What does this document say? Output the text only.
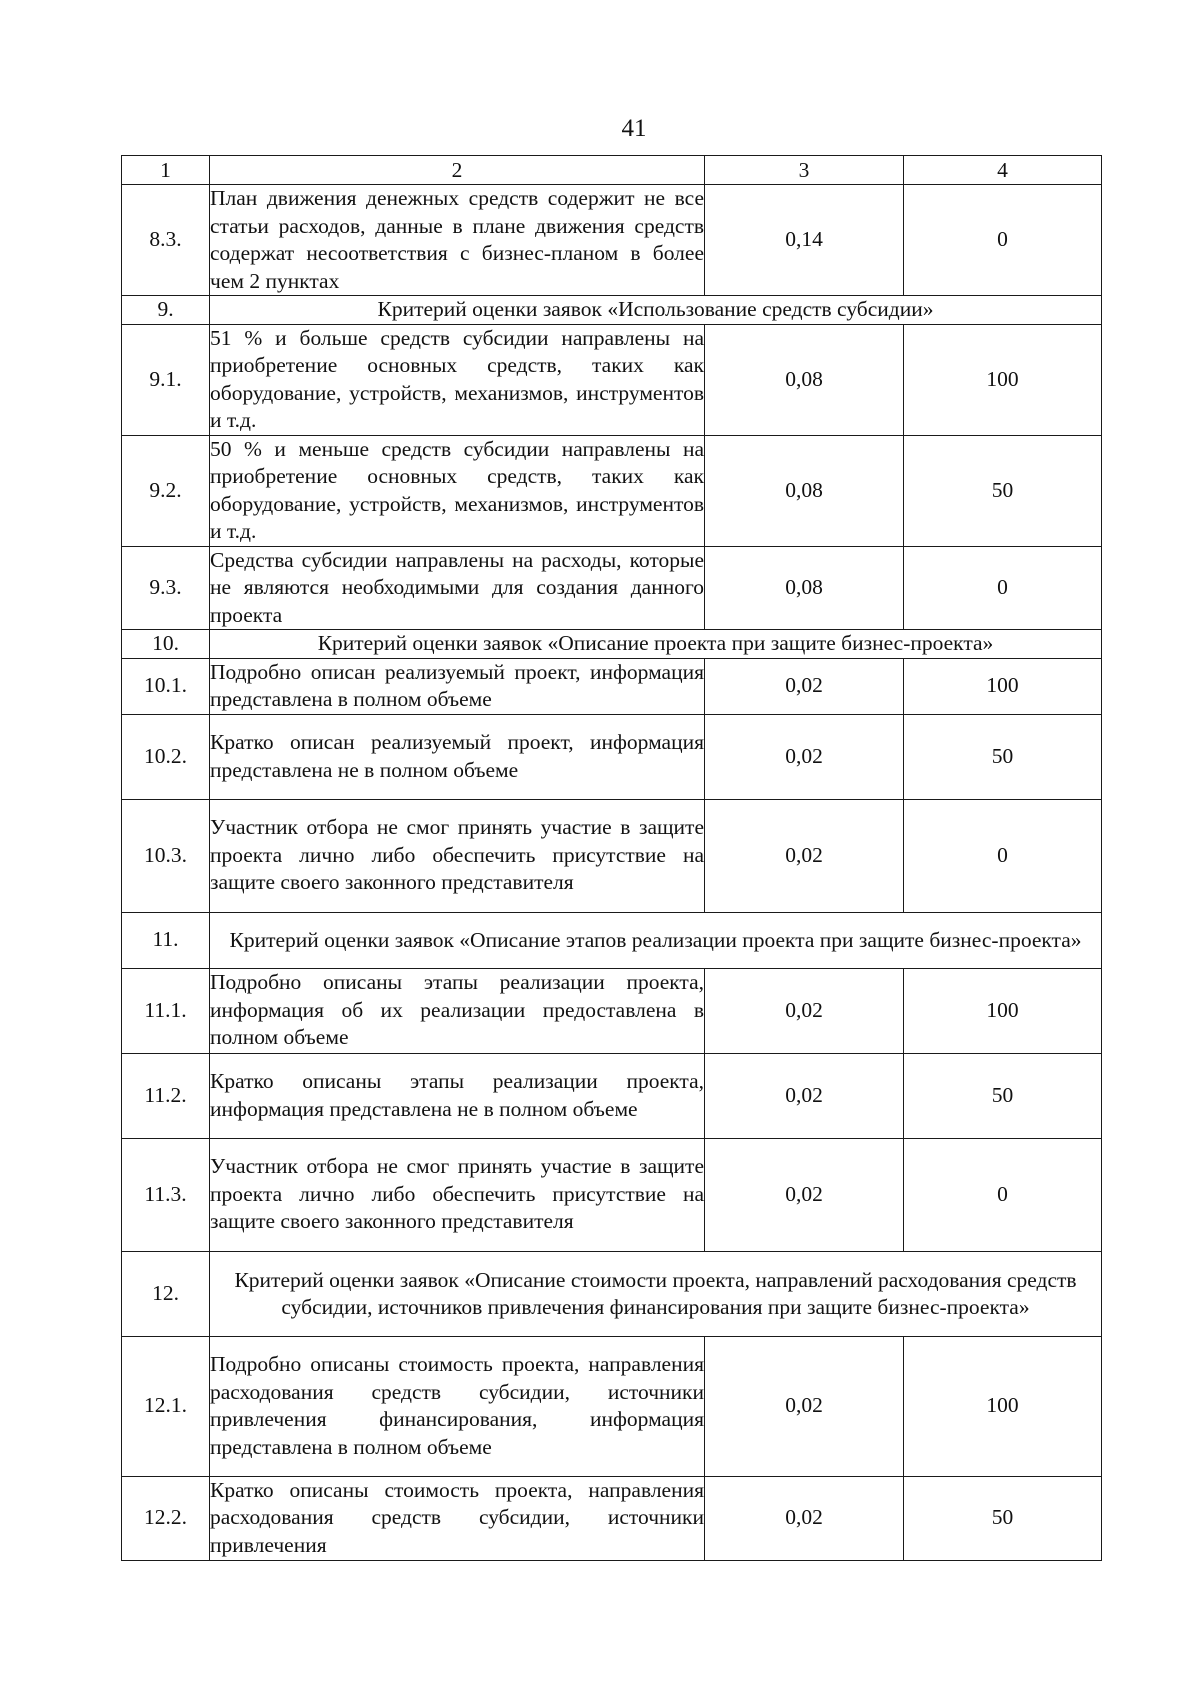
41
1	2	3	4
8.3.	План движения денежных средств содержит не все статьи расходов, данные в плане движения средств содержат несоответствия с бизнес-планом в более чем 2 пунктах	0,14	0
9.	Критерий оценки заявок «Использование средств субсидии»		
9.1.	51 % и больше средств субсидии направлены на приобретение основных средств, таких как оборудование, устройств, механизмов, инструментов и т.д.	0,08	100
9.2.	50 % и меньше средств субсидии направлены на приобретение основных средств, таких как оборудование, устройств, механизмов, инструментов и т.д.	0,08	50
9.3.	Средства субсидии направлены на расходы, которые не являются необходимыми для создания данного проекта	0,08	0
10.	Критерий оценки заявок «Описание проекта при защите бизнес-проекта»		
10.1.	Подробно описан реализуемый проект, информация представлена в полном объеме	0,02	100
10.2.	Кратко описан реализуемый проект, информация представлена не в полном объеме	0,02	50
10.3.	Участник отбора не смог принять участие в защите проекта лично либо обеспечить присутствие на защите своего законного представителя	0,02	0
11.	Критерий оценки заявок «Описание этапов реализации проекта при защите бизнес-проекта»		
11.1.	Подробно описаны этапы реализации проекта, информация об их реализации предоставлена в полном объеме	0,02	100
11.2.	Кратко описаны этапы реализации проекта, информация представлена не в полном объеме	0,02	50
11.3.	Участник отбора не смог принять участие в защите проекта лично либо обеспечить присутствие на защите своего законного представителя	0,02	0
12.	Критерий оценки заявок «Описание стоимости проекта, направлений расходования средств субсидии, источников привлечения финансирования при защите бизнес-проекта»		
12.1.	Подробно описаны стоимость проекта, направления расходования средств субсидии, источники привлечения финансирования, информация представлена в полном объеме	0,02	100
12.2.	Кратко описаны стоимость проекта, направления расходования средств субсидии, источники привлечения	0,02	50
